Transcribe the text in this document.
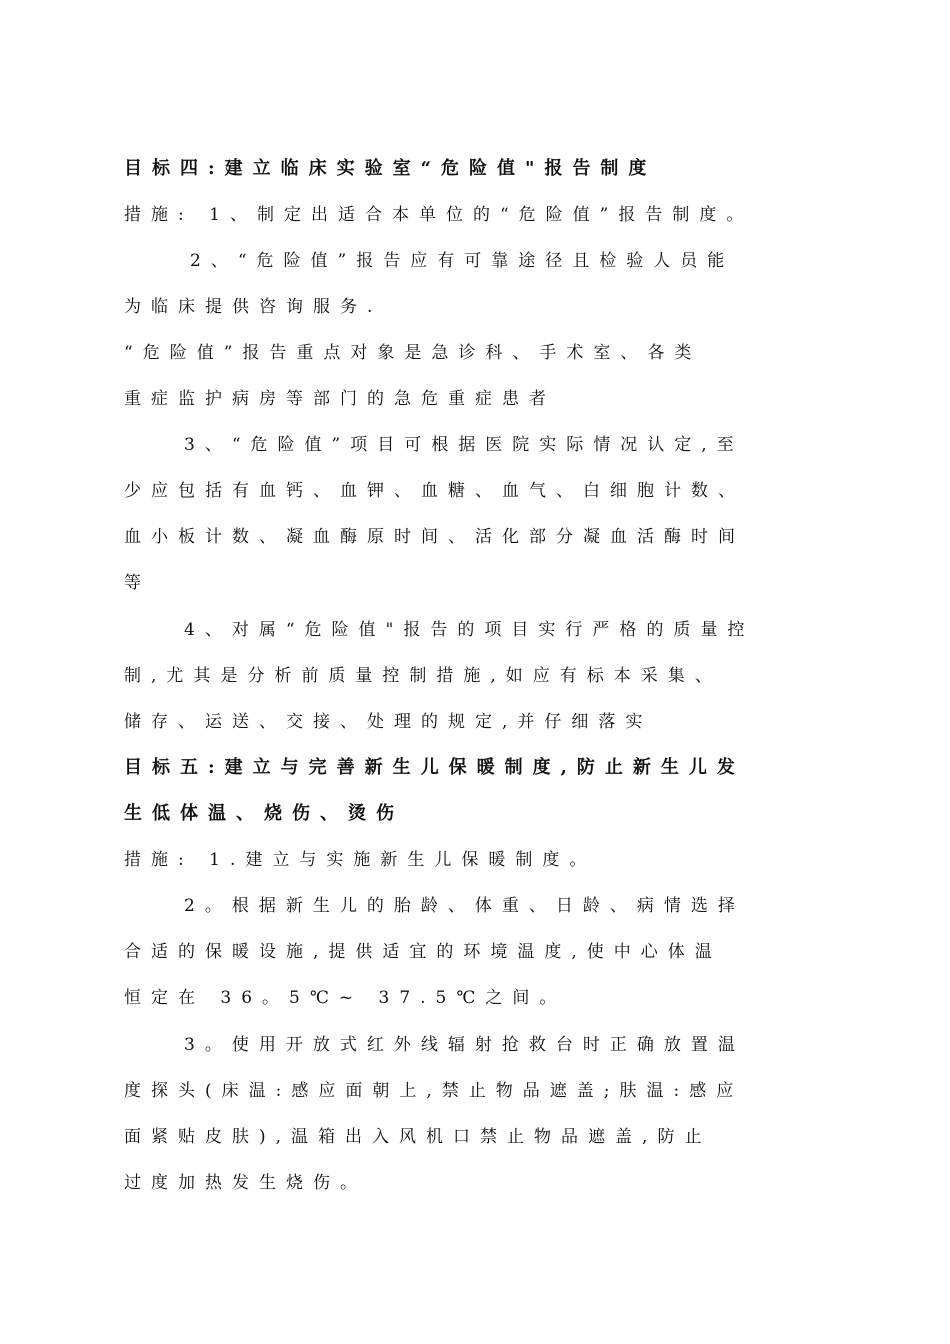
目标四:建立临床实验室“危险值"报告制度
措施: 1、制定出适合本单位的“危险值”报告制度。
2、“危险值”报告应有可靠途径且检验人员能
为临床提供咨询服务.
“危险值”报告重点对象是急诊科、手术室、各类
重症监护病房等部门的急危重症患者
3、“危险值”项目可根据医院实际情况认定,至
少应包括有血钙、血钾、血糖、血气、白细胞计数、
血小板计数、凝血酶原时间、活化部分凝血活酶时间
等
4、对属“危险值"报告的项目实行严格的质量控
制,尤其是分析前质量控制措施,如应有标本采集、
储存、运送、交接、处理的规定,并仔细落实
目标五:建立与完善新生儿保暖制度,防止新生儿发
生低体温、烧伤、烫伤
措施: 1.建立与实施新生儿保暖制度。
2。根据新生儿的胎龄、体重、日龄、病情选择
合适的保暖设施,提供适宜的环境温度,使中心体温
恒定在 36。5℃~ 37.5℃之间。
3。使用开放式红外线辐射抢救台时正确放置温
度探头(床温:感应面朝上,禁止物品遮盖;肤温:感应
面紧贴皮肤),温箱出入风机口禁止物品遮盖,防止
过度加热发生烧伤。
